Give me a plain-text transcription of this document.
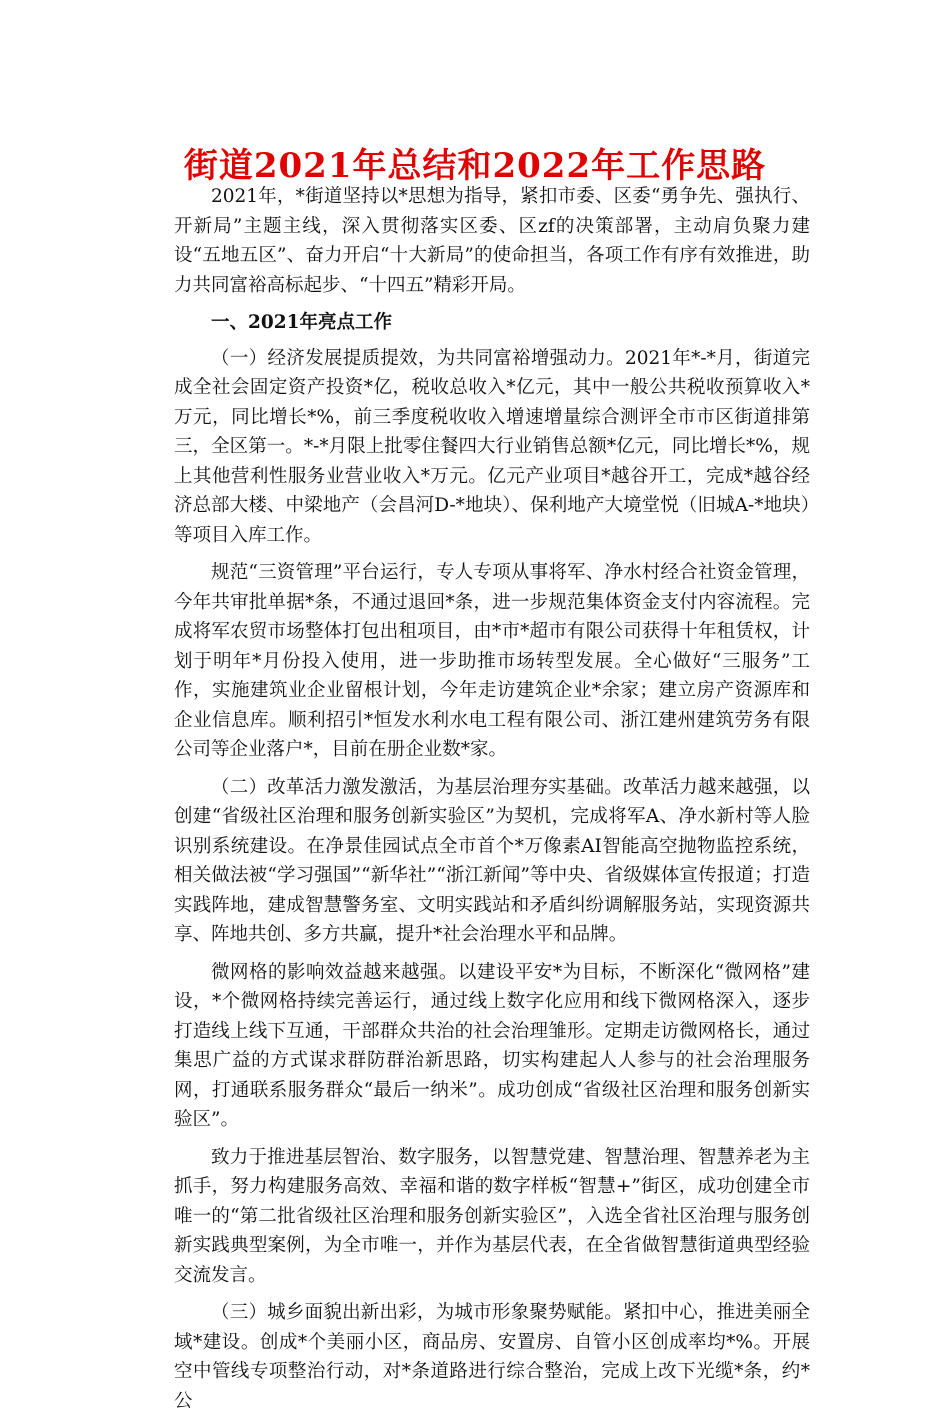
街道2021年总结和2022年工作思路

2021年，*街道坚持以*思想为指导，紧扣市委、区委“勇争先、强执行、开新局”主题主线，深入贯彻落实区委、区zf的决策部署，主动肩负聚力建设“五地五区”、奋力开启“十大新局”的使命担当，各项工作有序有效推进，助力共同富裕高标起步、“十四五”精彩开局。

一、2021年亮点工作

（一）经济发展提质提效，为共同富裕增强动力。2021年*-*月，街道完成全社会固定资产投资*亿，税收总收入*亿元，其中一般公共税收预算收入*万元，同比增长*%，前三季度税收收入增速增量综合测评全市市区街道排第三，全区第一。*-*月限上批零住餐四大行业销售总额*亿元，同比增长*%，规上其他营利性服务业营业收入*万元。亿元产业项目*越谷开工，完成*越谷经济总部大楼、中梁地产（会昌河D-*地块）、保利地产大境堂悦（旧城A-*地块）等项目入库工作。

规范“三资管理”平台运行，专人专项从事将军、净水村经合社资金管理，今年共审批单据*条，不通过退回*条，进一步规范集体资金支付内容流程。完成将军农贸市场整体打包出租项目，由*市*超市有限公司获得十年租赁权，计划于明年*月份投入使用，进一步助推市场转型发展。全心做好“三服务”工作，实施建筑业企业留根计划，今年走访建筑企业*余家；建立房产资源库和企业信息库。顺利招引*恒发水利水电工程有限公司、浙江建州建筑劳务有限公司等企业落户*，目前在册企业数*家。

（二）改革活力激发激活，为基层治理夯实基础。改革活力越来越强，以创建“省级社区治理和服务创新实验区”为契机，完成将军A、净水新村等人脸识别系统建设。在净景佳园试点全市首个*万像素AI智能高空抛物监控系统，相关做法被“学习强国”“新华社”“浙江新闻”等中央、省级媒体宣传报道；打造实践阵地，建成智慧警务室、文明实践站和矛盾纠纷调解服务站，实现资源共享、阵地共创、多方共赢，提升*社会治理水平和品牌。

微网格的影响效益越来越强。以建设平安*为目标，不断深化“微网格”建设，*个微网格持续完善运行，通过线上数字化应用和线下微网格深入，逐步打造线上线下互通，干部群众共治的社会治理雏形。定期走访微网格长，通过集思广益的方式谋求群防群治新思路，切实构建起人人参与的社会治理服务网，打通联系服务群众“最后一纳米”。成功创成“省级社区治理和服务创新实验区”。

致力于推进基层智治、数字服务，以智慧党建、智慧治理、智慧养老为主抓手，努力构建服务高效、幸福和谐的数字样板“智慧+”街区，成功创建全市唯一的“第二批省级社区治理和服务创新实验区”，入选全省社区治理与服务创新实践典型案例，为全市唯一，并作为基层代表，在全省做智慧街道典型经验交流发言。

（三）城乡面貌出新出彩，为城市形象聚势赋能。紧扣中心，推进美丽全域*建设。创成*个美丽小区，商品房、安置房、自管小区创成率均*%。开展空中管线专项整治行动，对*条道路进行综合整治，完成上改下光缆*条，约*公
